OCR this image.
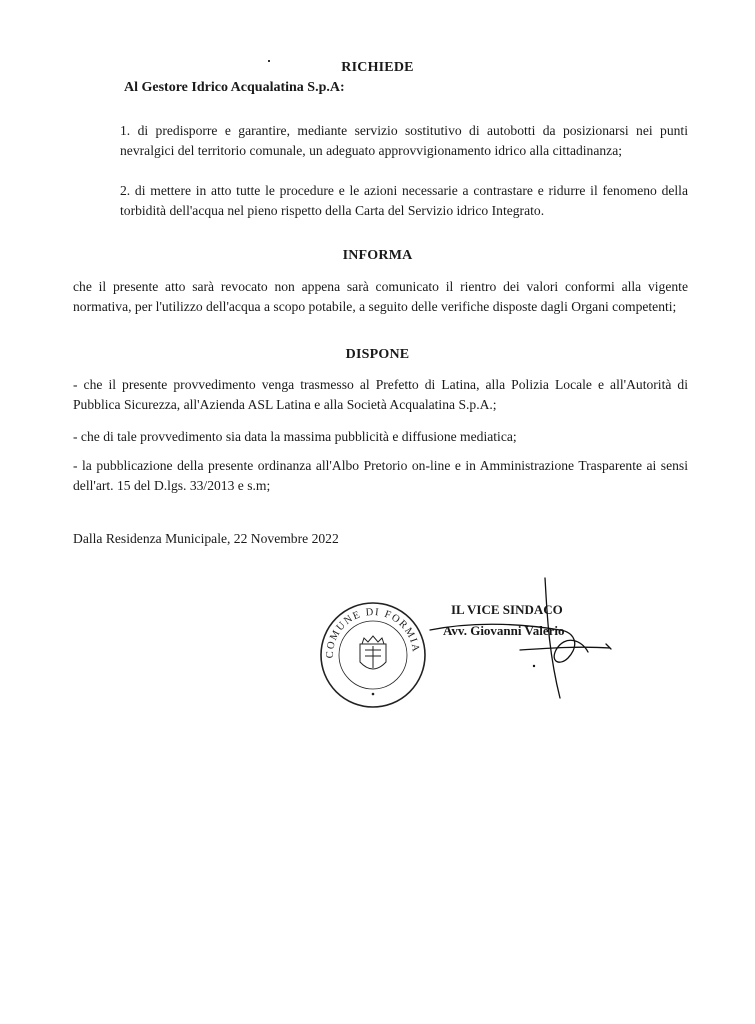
RICHIEDE
Al Gestore Idrico Acqualatina S.p.A:
1. di predisporre e garantire, mediante servizio sostitutivo di autobotti da posizionarsi nei punti nevralgici del territorio comunale, un adeguato approvvigionamento idrico alla cittadinanza;
2. di mettere in atto tutte le procedure e le azioni necessarie a contrastare e ridurre il fenomeno della torbidità dell'acqua nel pieno rispetto della Carta del Servizio idrico Integrato.
INFORMA
che il presente atto sarà revocato non appena sarà comunicato il rientro dei valori conformi alla vigente normativa, per l'utilizzo dell'acqua a scopo potabile, a seguito delle verifiche disposte dagli Organi competenti;
DISPONE
- che il presente provvedimento venga trasmesso al Prefetto di Latina, alla Polizia Locale e all'Autorità di Pubblica Sicurezza, all'Azienda ASL Latina e alla Società Acqualatina S.p.A.;
- che di tale provvedimento sia data la massima pubblicità e diffusione mediatica;
- la pubblicazione della presente ordinanza all'Albo Pretorio on-line e in Amministrazione Trasparente ai sensi dell'art. 15 del D.lgs. 33/2013 e s.m;
Dalla Residenza Municipale, 22 Novembre 2022
COMUNE DI FORMIA
IL VICE SINDACO
Avv. Giovanni Valerio
